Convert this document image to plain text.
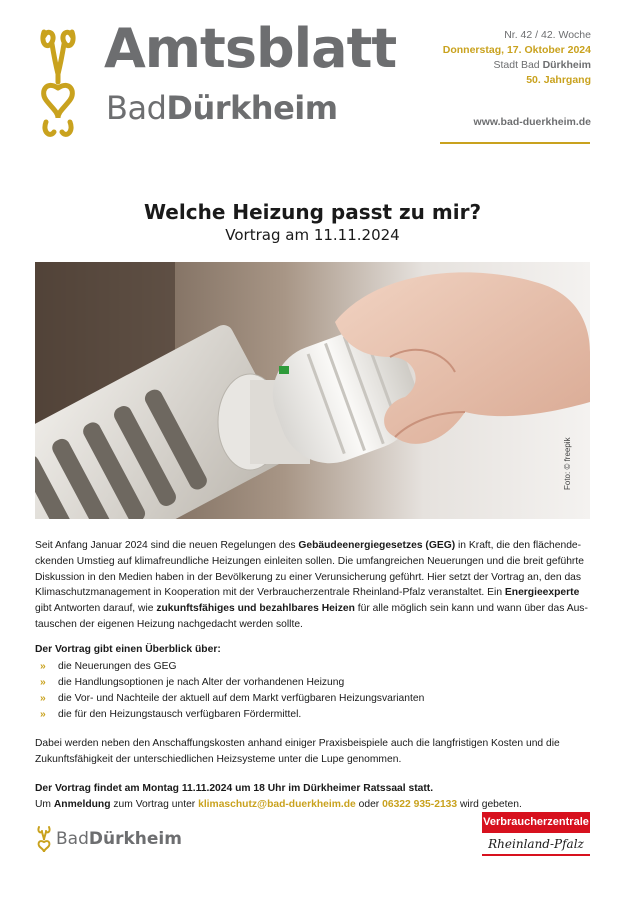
Amtsblatt
BadDürkheim
Nr. 42 / 42. Woche
Donnerstag, 17. Oktober 2024
Stadt Bad Dürkheim
50. Jahrgang
www.bad-duerkheim.de
Welche Heizung passt zu mir?
Vortrag am 11.11.2024
Foto: © freepik
Seit Anfang Januar 2024 sind die neuen Regelungen des Gebäudeenergiegesetzes (GEG) in Kraft, die den flächende-ckenden Umstieg auf klimafreundliche Heizungen einleiten sollen. Die umfangreichen Neuerungen und die breit geführte Diskussion in den Medien haben in der Bevölkerung zu einer Verunsicherung geführt. Hier setzt der Vortrag an, den das Klimaschutzmanagement in Kooperation mit der Verbraucherzentrale Rheinland-Pfalz veranstaltet. Ein Energieexperte gibt Antworten darauf, wie zukunftsfähiges und bezahlbares Heizen für alle möglich sein kann und wann über das Aus-tauschen der eigenen Heizung nachgedacht werden sollte.
Der Vortrag gibt einen Überblick über:
»	die Neuerungen des GEG
»	die Handlungsoptionen je nach Alter der vorhandenen Heizung
»	die Vor- und Nachteile der aktuell auf dem Markt verfügbaren Heizungsvarianten
»	die für den Heizungstausch verfügbaren Fördermittel.
Dabei werden neben den Anschaffungskosten anhand einiger Praxisbeispiele auch die langfristigen Kosten und die Zukunftsfähigkeit der unterschiedlichen Heizsysteme unter die Lupe genommen.
Der Vortrag findet am Montag 11.11.2024 um 18 Uhr im Dürkheimer Ratssaal statt.
Um Anmeldung zum Vortrag unter klimaschutz@bad-duerkheim.de oder 06322 935-2133 wird gebeten.
BadDürkheim
Verbraucherzentrale
Rheinland-Pfalz
